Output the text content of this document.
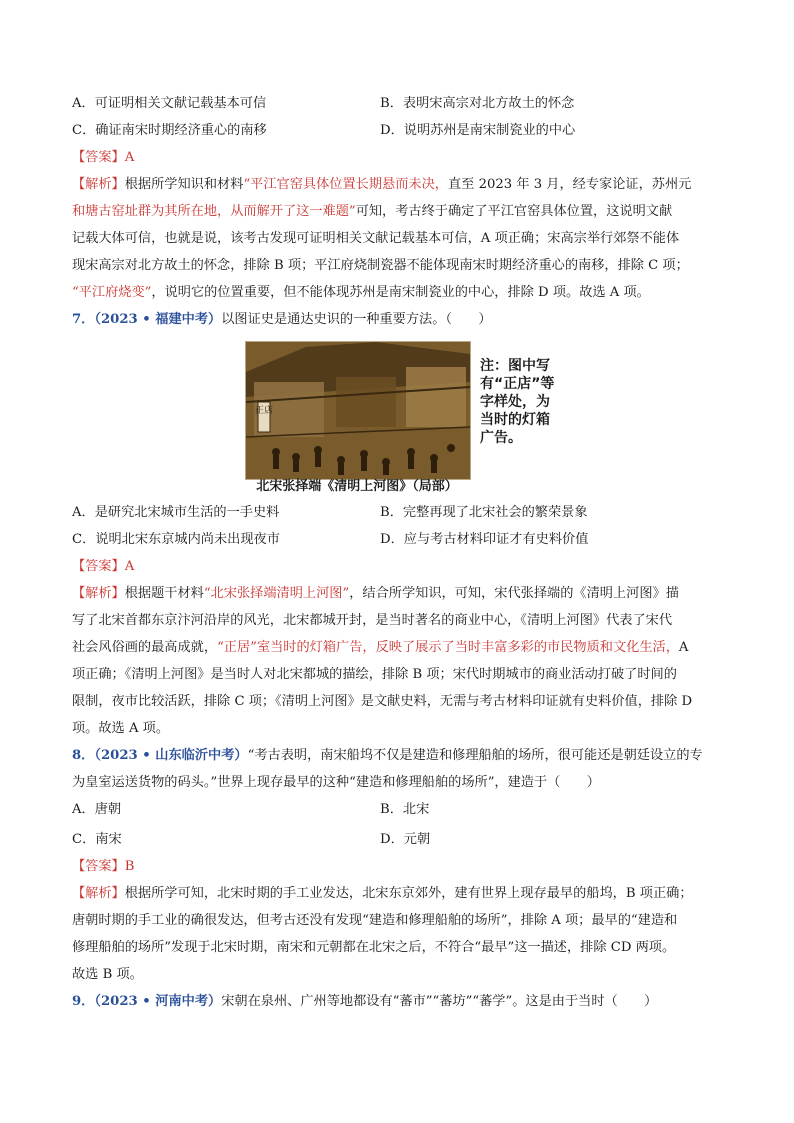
A．可证明相关文献记载基本可信	B．表明宋高宗对北方故土的怀念
C．确证南宋时期经济重心的南移	D．说明苏州是南宋制瓷业的中心
【答案】A
【解析】根据所学知识和材料“平江官窑具体位置长期悬而未决，直至 2023 年 3 月，经专家论证，苏州元
和塘古窑址群为其所在地，从而解开了这一难题”可知，考古终于确定了平江官窑具体位置，这说明文献
记载大体可信，也就是说，该考古发现可证明相关文献记载基本可信，A 项正确；宋高宗举行郊祭不能体
现宋高宗对北方故土的怀念，排除 B 项；平江府烧制瓷器不能体现南宋时期经济重心的南移，排除 C 项；
“平江府烧变”，说明它的位置重要，但不能体现苏州是南宋制瓷业的中心，排除 D 项。故选 A 项。
7．（2023 • 福建中考）以图证史是通达史识的一种重要方法。（　　）
正店
注：图中写有“正店”等字样处，为当时的灯箱广告。
北宋张择端《清明上河图》（局部）
A．是研究北宋城市生活的一手史料	B．完整再现了北宋社会的繁荣景象
C．说明北宋东京城内尚未出现夜市	D．应与考古材料印证才有史料价值
【答案】A
【解析】根据题干材料“北宋张择端清明上河图”，结合所学知识，可知，宋代张择端的《清明上河图》描
写了北宋首都东京汴河沿岸的风光，北宋都城开封，是当时著名的商业中心，《清明上河图》代表了宋代
社会风俗画的最高成就，“正居”室当时的灯箱广告，反映了展示了当时丰富多彩的市民物质和文化生活，A
项正确；《清明上河图》是当时人对北宋都城的描绘，排除 B 项；宋代时期城市的商业活动打破了时间的
限制，夜市比较活跃，排除 C 项；《清明上河图》是文献史料，无需与考古材料印证就有史料价值，排除 D
项。故选 A 项。
8．（2023 • 山东临沂中考）“考古表明，南宋船坞不仅是建造和修理船舶的场所，很可能还是朝廷设立的专
为皇室运送货物的码头。”世界上现存最早的这种“建造和修理船舶的场所”，建造于（　　）
A．唐朝	B．北宋
C．南宋	D．元朝
【答案】B
【解析】根据所学可知，北宋时期的手工业发达，北宋东京郊外，建有世界上现存最早的船坞，B 项正确；
唐朝时期的手工业的确很发达，但考古还没有发现“建造和修理船舶的场所”，排除 A 项；最早的“建造和
修理船舶的场所”发现于北宋时期，南宋和元朝都在北宋之后，不符合“最早”这一描述，排除 CD 两项。
故选 B 项。
9．（2023 • 河南中考）宋朝在泉州、广州等地都设有“蕃市”“蕃坊”“蕃学”。这是由于当时（　　）
